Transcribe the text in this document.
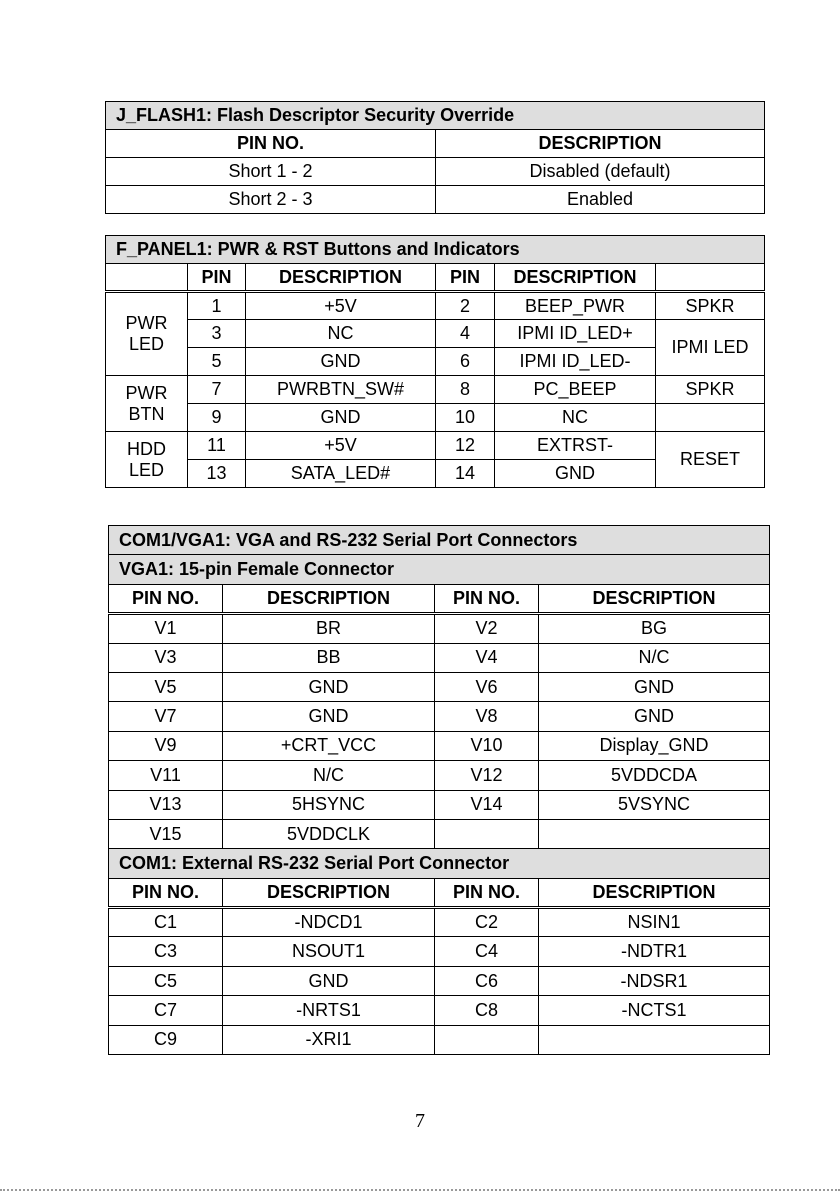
J_FLASH1: Flash Descriptor Security Override	
PIN NO.	DESCRIPTION
Short 1 - 2	Disabled (default)
Short 2 - 3	Enabled
F_PANEL1: PWR & RST Buttons and Indicators					
	PIN	DESCRIPTION	PIN	DESCRIPTION	
PWR LED	1	+5V	2	BEEP_PWR	SPKR
	3	NC	4	IPMI ID_LED+	IPMI LED
	5	GND	6	IPMI ID_LED-	
PWR BTN	7	PWRBTN_SW#	8	PC_BEEP	SPKR
	9	GND	10	NC	
HDD LED	11	+5V	12	EXTRST-	RESET
	13	SATA_LED#	14	GND	
COM1/VGA1: VGA and RS-232 Serial Port Connectors			
VGA1: 15-pin Female Connector			
PIN NO.	DESCRIPTION	PIN NO.	DESCRIPTION
V1	BR	V2	BG
V3	BB	V4	N/C
V5	GND	V6	GND
V7	GND	V8	GND
V9	+CRT_VCC	V10	Display_GND
V11	N/C	V12	5VDDCDA
V13	5HSYNC	V14	5VSYNC
V15	5VDDCLK		
COM1: External RS-232 Serial Port Connector			
PIN NO.	DESCRIPTION	PIN NO.	DESCRIPTION
C1	-NDCD1	C2	NSIN1
C3	NSOUT1	C4	-NDTR1
C5	GND	C6	-NDSR1
C7	-NRTS1	C8	-NCTS1
C9	-XRI1		
7
